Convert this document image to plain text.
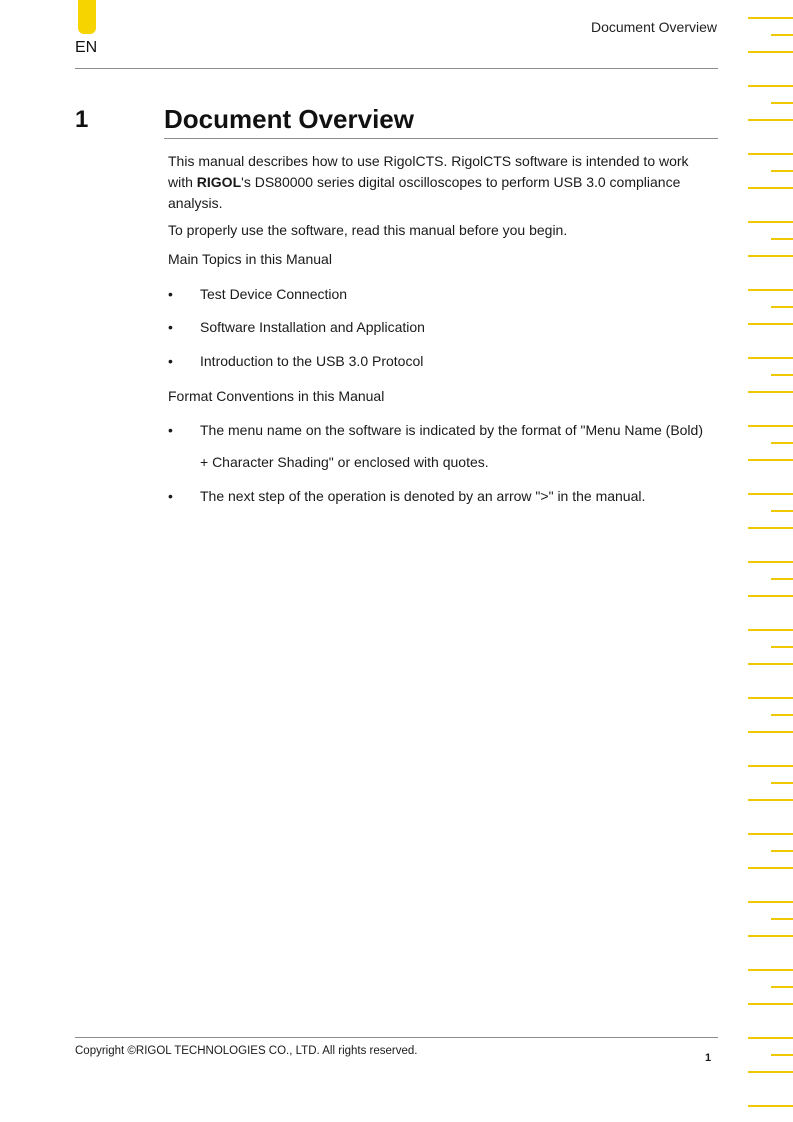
EN
Document Overview
1	Document Overview

This manual describes how to use RigolCTS. RigolCTS software is intended to work with RIGOL's DS80000 series digital oscilloscopes to perform USB 3.0 compliance analysis.

To properly use the software, read this manual before you begin.

Main Topics in this Manual

• Test Device Connection
• Software Installation and Application
• Introduction to the USB 3.0 Protocol

Format Conventions in this Manual

• The menu name on the software is indicated by the format of "Menu Name (Bold) + Character Shading" or enclosed with quotes.
• The next step of the operation is denoted by an arrow ">" in the manual.
Copyright ©RIGOL TECHNOLOGIES CO., LTD. All rights reserved.
1
